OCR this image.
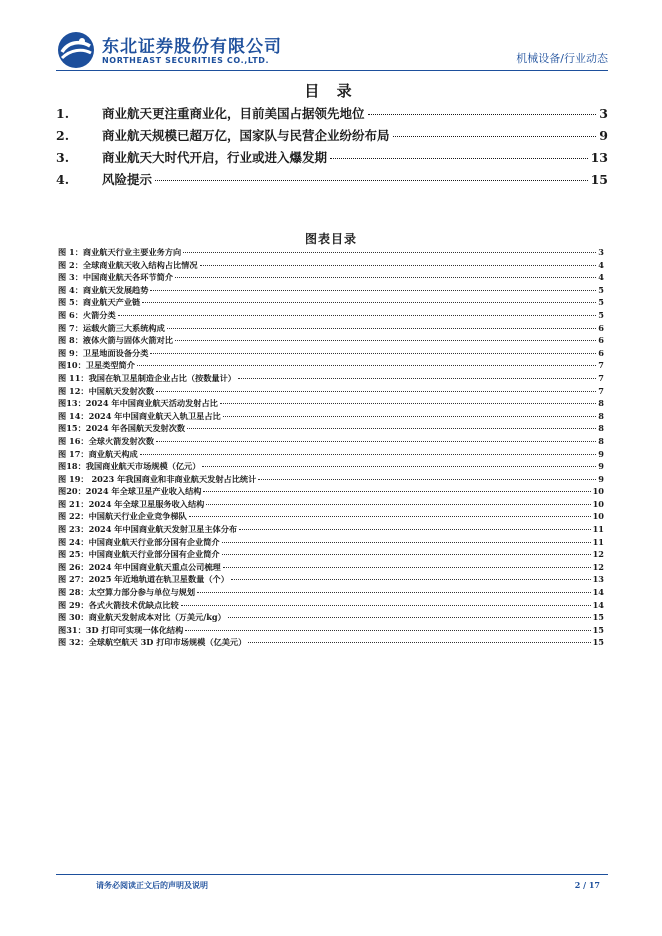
东北证券股份有限公司
NORTHEAST SECURITIES CO.,LTD.	机械设备/行业动态
目 录
1.	商业航天更注重商业化，目前美国占据领先地位	3
2.	商业航天规模已超万亿，国家队与民营企业纷纷布局	9
3.	商业航天大时代开启，行业或进入爆发期	13
4.	风险提示	15
图表目录
图 1：商业航天行业主要业务方向	3
图 2：全球商业航天收入结构占比情况	4
图 3：中国商业航天各环节简介	4
图 4：商业航天发展趋势	5
图 5：商业航天产业链	5
图 6：火箭分类	5
图 7：运载火箭三大系统构成	6
图 8：液体火箭与固体火箭对比	6
图 9：卫星地面设备分类	6
图10：卫星类型简介	7
图 11：我国在轨卫星制造企业占比（按数量计）	7
图 12：中国航天发射次数	7
图13：2024 年中国商业航天活动发射占比	8
图 14：2024 年中国商业航天入轨卫星占比	8
图15：2024 年各国航天发射次数	8
图 16：全球火箭发射次数	8
图 17：商业航天构成	9
图18：我国商业航天市场规模（亿元）	9
图 19： 2023 年我国商业和非商业航天发射占比统计	9
图20：2024 年全球卫星产业收入结构	10
图 21：2024 年全球卫星服务收入结构	10
图 22：中国航天行业企业竞争梯队	10
图 23：2024 年中国商业航天发射卫星主体分布	11
图 24：中国商业航天行业部分国有企业简介	11
图 25：中国商业航天行业部分国有企业简介	12
图 26：2024 年中国商业航天重点公司梳理	12
图 27：2025 年近地轨道在轨卫星数量（个）	13
图 28：太空算力部分参与单位与规划	14
图 29：各式火箭技术优缺点比较	14
图 30：商业航天发射成本对比（万美元/kg）	15
图31：3D 打印可实现一体化结构	15
图 32：全球航空航天 3D 打印市场规模（亿美元）	15
请务必阅读正文后的声明及说明	2 / 17
